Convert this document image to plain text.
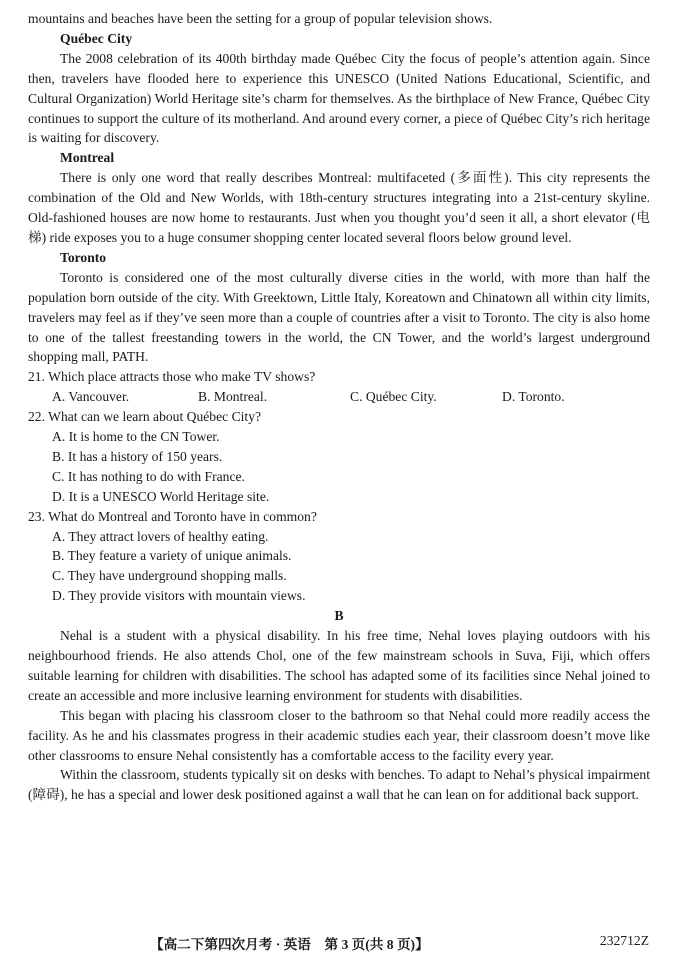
mountains and beaches have been the setting for a group of popular television shows.

Québec City

The 2008 celebration of its 400th birthday made Québec City the focus of people’s attention again. Since then, travelers have flooded here to experience this UNESCO (United Nations Educational, Scientific, and Cultural Organization) World Heritage site’s charm for themselves. As the birthplace of New France, Québec City continues to support the culture of its motherland. And around every corner, a piece of Québec City’s rich heritage is waiting for discovery.

Montreal

There is only one word that really describes Montreal: multifaceted (多面性). This city represents the combination of the Old and New Worlds, with 18th-century structures integrating into a 21st-century skyline. Old-fashioned houses are now home to restaurants. Just when you thought you’d seen it all, a short elevator (电梯) ride exposes you to a huge consumer shopping center located several floors below ground level.

Toronto

Toronto is considered one of the most culturally diverse cities in the world, with more than half the population born outside of the city. With Greektown, Little Italy, Koreatown and Chinatown all within city limits, travelers may feel as if they’ve seen more than a couple of countries after a visit to Toronto. The city is also home to one of the tallest freestanding towers in the world, the CN Tower, and the world’s largest underground shopping mall, PATH.

21. Which place attracts those who make TV shows?

A. Vancouver.	B. Montreal.	C. Québec City.	D. Toronto.

22. What can we learn about Québec City?

A. It is home to the CN Tower.

B. It has a history of 150 years.

C. It has nothing to do with France.

D. It is a UNESCO World Heritage site.

23. What do Montreal and Toronto have in common?

A. They attract lovers of healthy eating.

B. They feature a variety of unique animals.

C. They have underground shopping malls.

D. They provide visitors with mountain views.

B

Nehal is a student with a physical disability. In his free time, Nehal loves playing outdoors with his neighbourhood friends. He also attends Chol, one of the few mainstream schools in Suva, Fiji, which offers suitable learning for children with disabilities. The school has adapted some of its facilities since Nehal joined to create an accessible and more inclusive learning environment for students with disabilities.

This began with placing his classroom closer to the bathroom so that Nehal could more readily access the facility. As he and his classmates progress in their academic studies each year, their classroom doesn’t move like other classrooms to ensure Nehal consistently has a comfortable access to the facility every year.

Within the classroom, students typically sit on desks with benches. To adapt to Nehal’s physical impairment (障碍), he has a special and lower desk positioned against a wall that he can lean on for additional back support.

【高二下第四次月考 · 英语　第 3 页(共 8 页)】	232712Z
